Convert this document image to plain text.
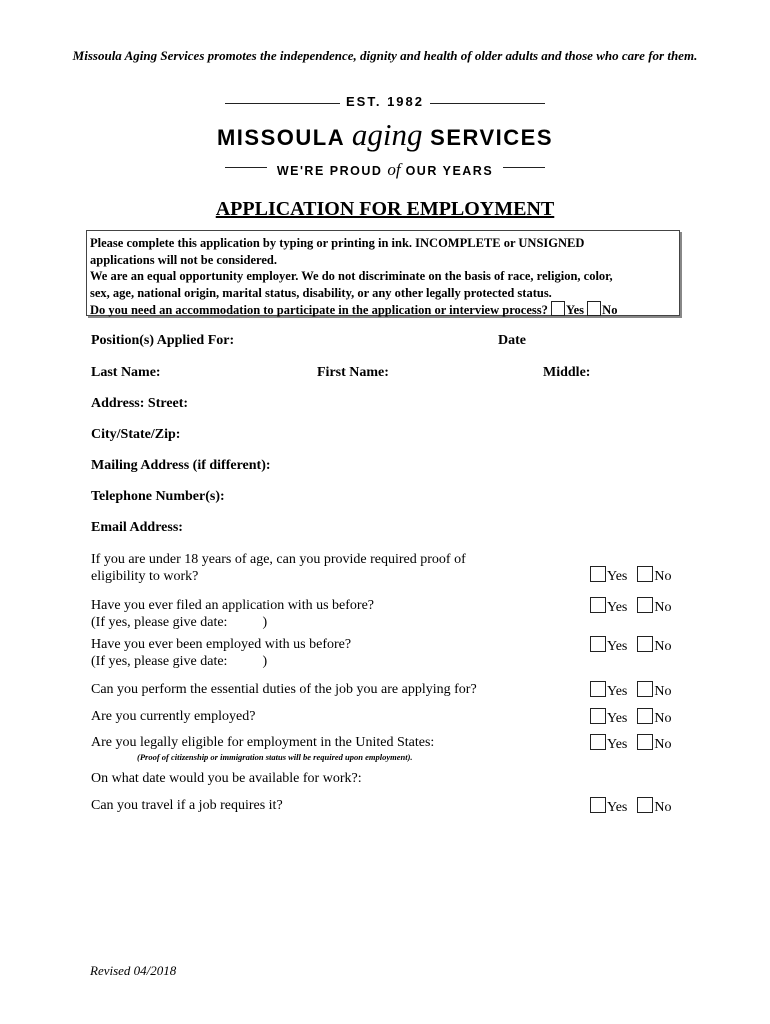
Missoula Aging Services promotes the independence, dignity and health of older adults and those who care for them.
EST. 1982
MISSOULA aging SERVICES
WE'RE PROUD of OUR YEARS
APPLICATION FOR EMPLOYMENT
Please complete this application by typing or printing in ink. INCOMPLETE or UNSIGNED
applications will not be considered.
We are an equal opportunity employer. We do not discriminate on the basis of race, religion, color,
sex, age, national origin, marital status, disability, or any other legally protected status.
Do you need an accommodation to participate in the application or interview process? Yes No
Position(s) Applied For:	Date
Last Name:	First Name:	Middle:
Address: Street:
City/State/Zip:
Mailing Address (if different):
Telephone Number(s):
Email Address:
If you are under 18 years of age, can you provide required proof of
eligibility to work?	Yes No
Have you ever filed an application with us before?
(If yes, please give date:          )
Yes No
Have you ever been employed with us before?
(If yes, please give date:          )
Yes No
Can you perform the essential duties of the job you are applying for?	Yes No
Are you currently employed?	Yes No
Are you legally eligible for employment in the United States:	Yes No
(Proof of citizenship or immigration status will be required upon employment).
On what date would you be available for work?:
Can you travel if a job requires it?	Yes No
Revised 04/2018
